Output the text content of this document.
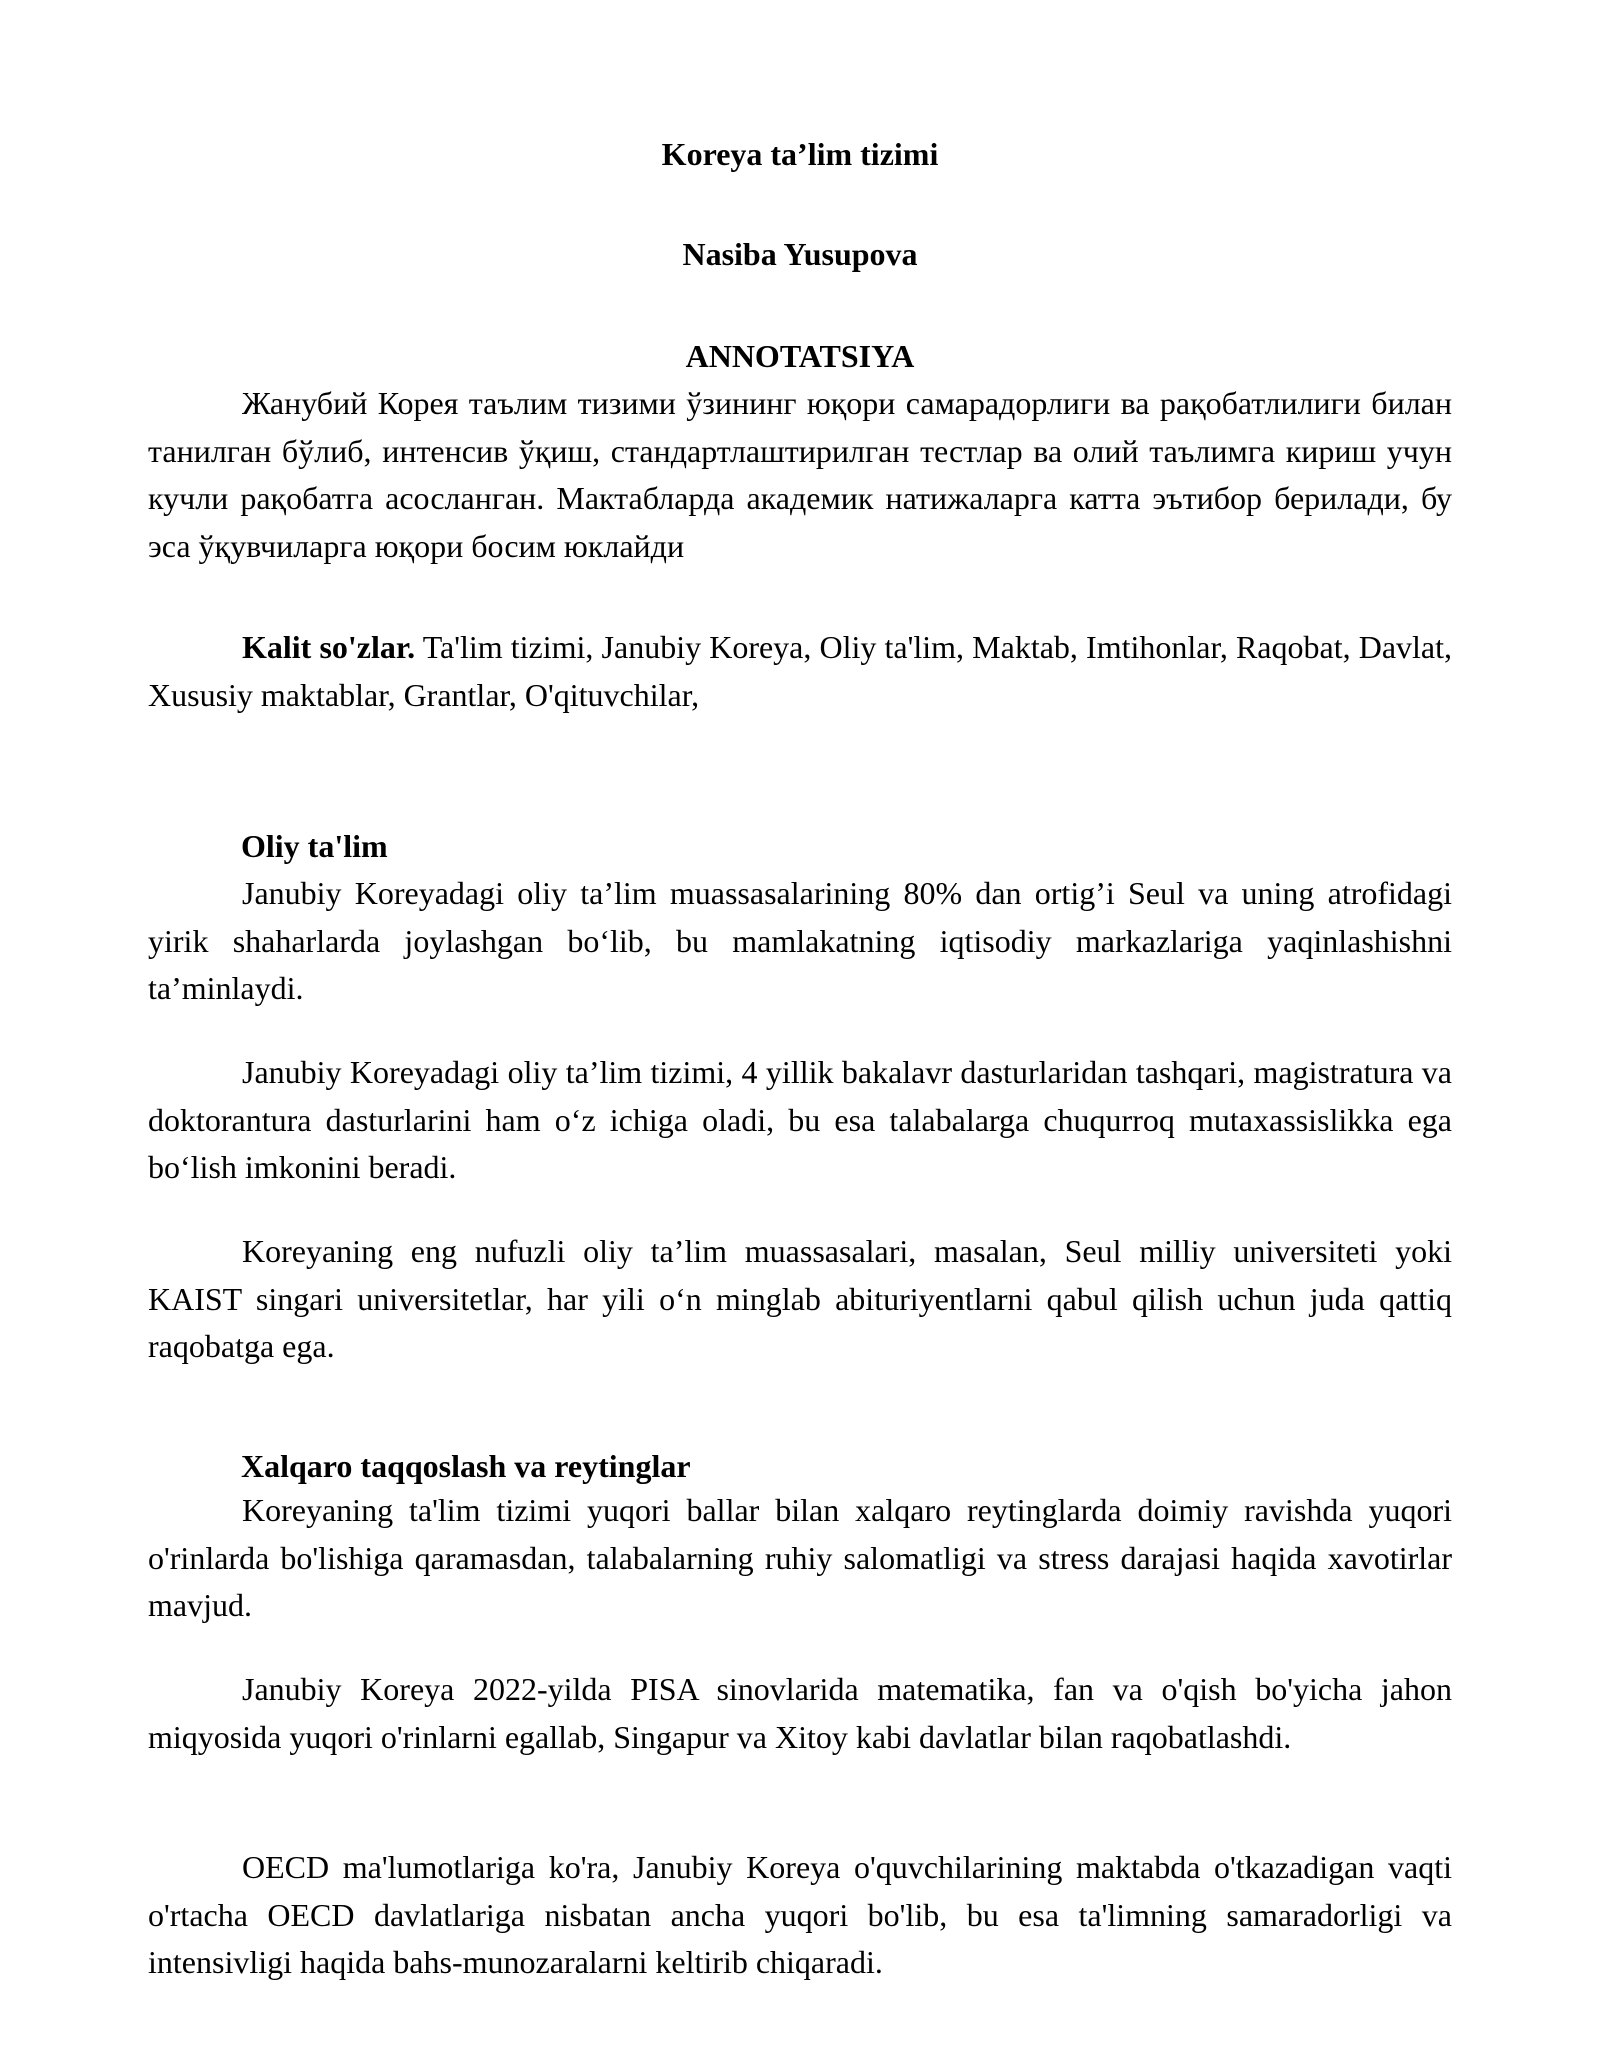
Koreya ta’lim tizimi
Nasiba Yusupova
ANNOTATSIYA

Жанубий Корея таълим тизими ўзининг юқори самарадорлиги ва рақобатлилиги билан танилган бўлиб, интенсив ўқиш, стандартлаштирилган тестлар ва олий таълимга кириш учун кучли рақобатга асосланган. Мактабларда академик натижаларга катта эътибор берилади, бу эса ўқувчиларга юқори босим юклайди

Kalit so'zlar. Ta'lim tizimi, Janubiy Koreya, Oliy ta'lim, Maktab, Imtihonlar, Raqobat, Davlat, Xususiy maktablar, Grantlar, O'qituvchilar,

Oliy ta'lim

Janubiy Koreyadagi oliy ta’lim muassasalarining 80% dan ortig’i Seul va uning atrofidagi yirik shaharlarda joylashgan bo‘lib, bu mamlakatning iqtisodiy markazlariga yaqinlashishni ta’minlaydi.

Janubiy Koreyadagi oliy ta’lim tizimi, 4 yillik bakalavr dasturlaridan tashqari, magistratura va doktorantura dasturlarini ham o‘z ichiga oladi, bu esa talabalarga chuqurroq mutaxassislikka ega bo‘lish imkonini beradi.

Koreyaning eng nufuzli oliy ta’lim muassasalari, masalan, Seul milliy universiteti yoki KAIST singari universitetlar, har yili o‘n minglab abituriyentlarni qabul qilish uchun juda qattiq raqobatga ega.

Xalqaro taqqoslash va reytinglar

Koreyaning ta'lim tizimi yuqori ballar bilan xalqaro reytinglarda doimiy ravishda yuqori o'rinlarda bo'lishiga qaramasdan, talabalarning ruhiy salomatligi va stress darajasi haqida xavotirlar mavjud.

Janubiy Koreya 2022-yilda PISA sinovlarida matematika, fan va o'qish bo'yicha jahon miqyosida yuqori o'rinlarni egallab, Singapur va Xitoy kabi davlatlar bilan raqobatlashdi.

OECD ma'lumotlariga ko'ra, Janubiy Koreya o'quvchilarining maktabda o'tkazadigan vaqti o'rtacha OECD davlatlariga nisbatan ancha yuqori bo'lib, bu esa ta'limning samaradorligi va intensivligi haqida bahs-munozaralarni keltirib chiqaradi.
